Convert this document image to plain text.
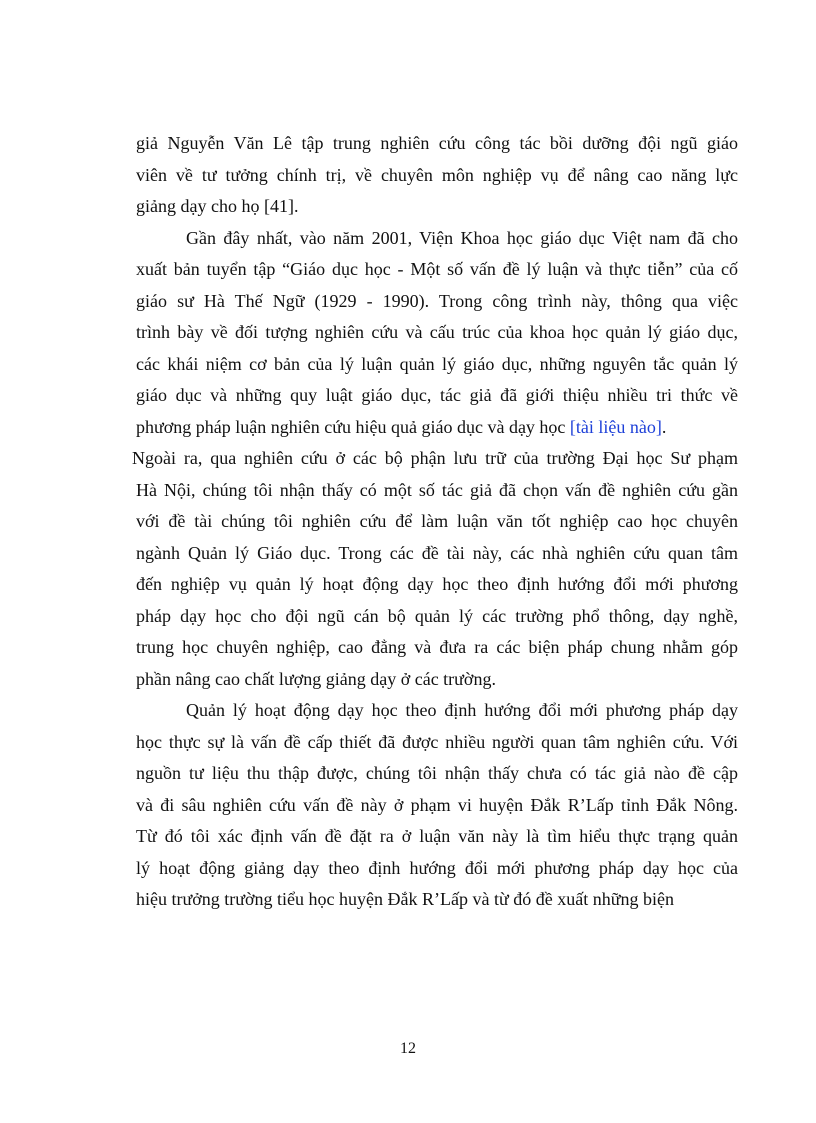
giả Nguyễn Văn Lê tập trung nghiên cứu công tác bồi dưỡng đội ngũ giáo
viên về tư tưởng chính trị, về chuyên môn nghiệp vụ để nâng cao năng lực
giảng dạy cho họ [41].
Gần đây nhất, vào năm 2001, Viện Khoa học giáo dục Việt nam đã cho
xuất bản tuyển tập “Giáo dục học - Một số vấn đề lý luận và thực tiễn” của cố
giáo sư Hà Thế Ngữ (1929 - 1990). Trong công trình này, thông qua việc
trình bày về đối tượng nghiên cứu và cấu trúc của khoa học quản lý giáo dục,
các khái niệm cơ bản của lý luận quản lý giáo dục, những nguyên tắc quản lý
giáo dục và những quy luật giáo dục, tác giả đã giới thiệu nhiều tri thức về
phương pháp luận nghiên cứu hiệu quả giáo dục và dạy học [tài liệu nào].
Ngoài ra, qua nghiên cứu ở các bộ phận lưu trữ của trường Đại học Sư phạm
Hà Nội, chúng tôi nhận thấy có một số tác giả đã chọn vấn đề nghiên cứu gần
với đề tài chúng tôi nghiên cứu để làm luận văn tốt nghiệp cao học chuyên
ngành Quản lý Giáo dục. Trong các đề tài này, các nhà nghiên cứu quan tâm
đến nghiệp vụ quản lý hoạt động dạy học theo định hướng đổi mới phương
pháp dạy học cho đội ngũ cán bộ quản lý các trường phổ thông, dạy nghề,
trung học chuyên nghiệp, cao đẳng và đưa ra các biện pháp chung nhằm góp
phần nâng cao chất lượng giảng dạy ở các trường.
Quản lý hoạt động dạy học theo định hướng đổi mới phương pháp dạy
học thực sự là vấn đề cấp thiết đã được nhiều người quan tâm nghiên cứu. Với
nguồn tư liệu thu thập được, chúng tôi nhận thấy chưa có tác giả nào đề cập
và đi sâu nghiên cứu vấn đề này ở phạm vi huyện Đắk R’Lấp tỉnh Đắk Nông.
Từ đó tôi xác định vấn đề đặt ra ở luận văn này là tìm hiểu thực trạng quản
lý hoạt động giảng dạy theo định hướng đổi mới phương pháp dạy học của
hiệu trưởng trường tiểu học huyện Đắk R’Lấp và từ đó đề xuất những biện
12
